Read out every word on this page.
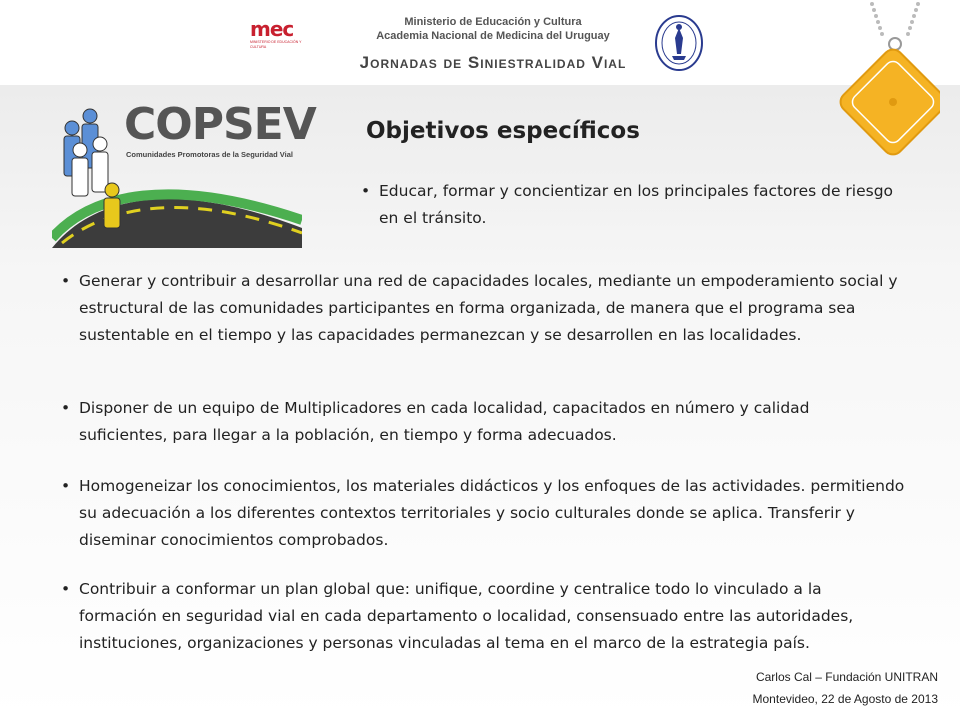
mec
MINISTERIO DE EDUCACIÓN Y CULTURA
Ministerio de Educación y Cultura
Academia Nacional de Medicina del Uruguay
Jornadas de Siniestralidad Vial
COPSEV
Comunidades Promotoras de la Seguridad Vial
Objetivos específicos

• Educar, formar y concientizar en los principales factores de riesgo en el tránsito.

• Generar y contribuir a desarrollar una red de capacidades locales, mediante un empoderamiento social y estructural de las comunidades participantes en forma organizada, de manera que el programa sea sustentable en el tiempo y las capacidades permanezcan y se desarrollen en las localidades.

• Disponer de un equipo de Multiplicadores en cada localidad, capacitados en número y calidad suficientes, para llegar a la población, en tiempo y forma adecuados.

• Homogeneizar los conocimientos, los materiales didácticos y los enfoques de las actividades. permitiendo su adecuación a los diferentes contextos territoriales y socio culturales donde se aplica. Transferir y diseminar conocimientos comprobados.

• Contribuir a conformar un plan global que: unifique, coordine y centralice todo lo vinculado a la formación en seguridad vial en cada departamento o localidad, consensuado entre las autoridades, instituciones, organizaciones y personas vinculadas al tema en el marco de la estrategia país.

Carlos Cal – Fundación UNITRAN
Montevideo, 22 de Agosto de 2013
